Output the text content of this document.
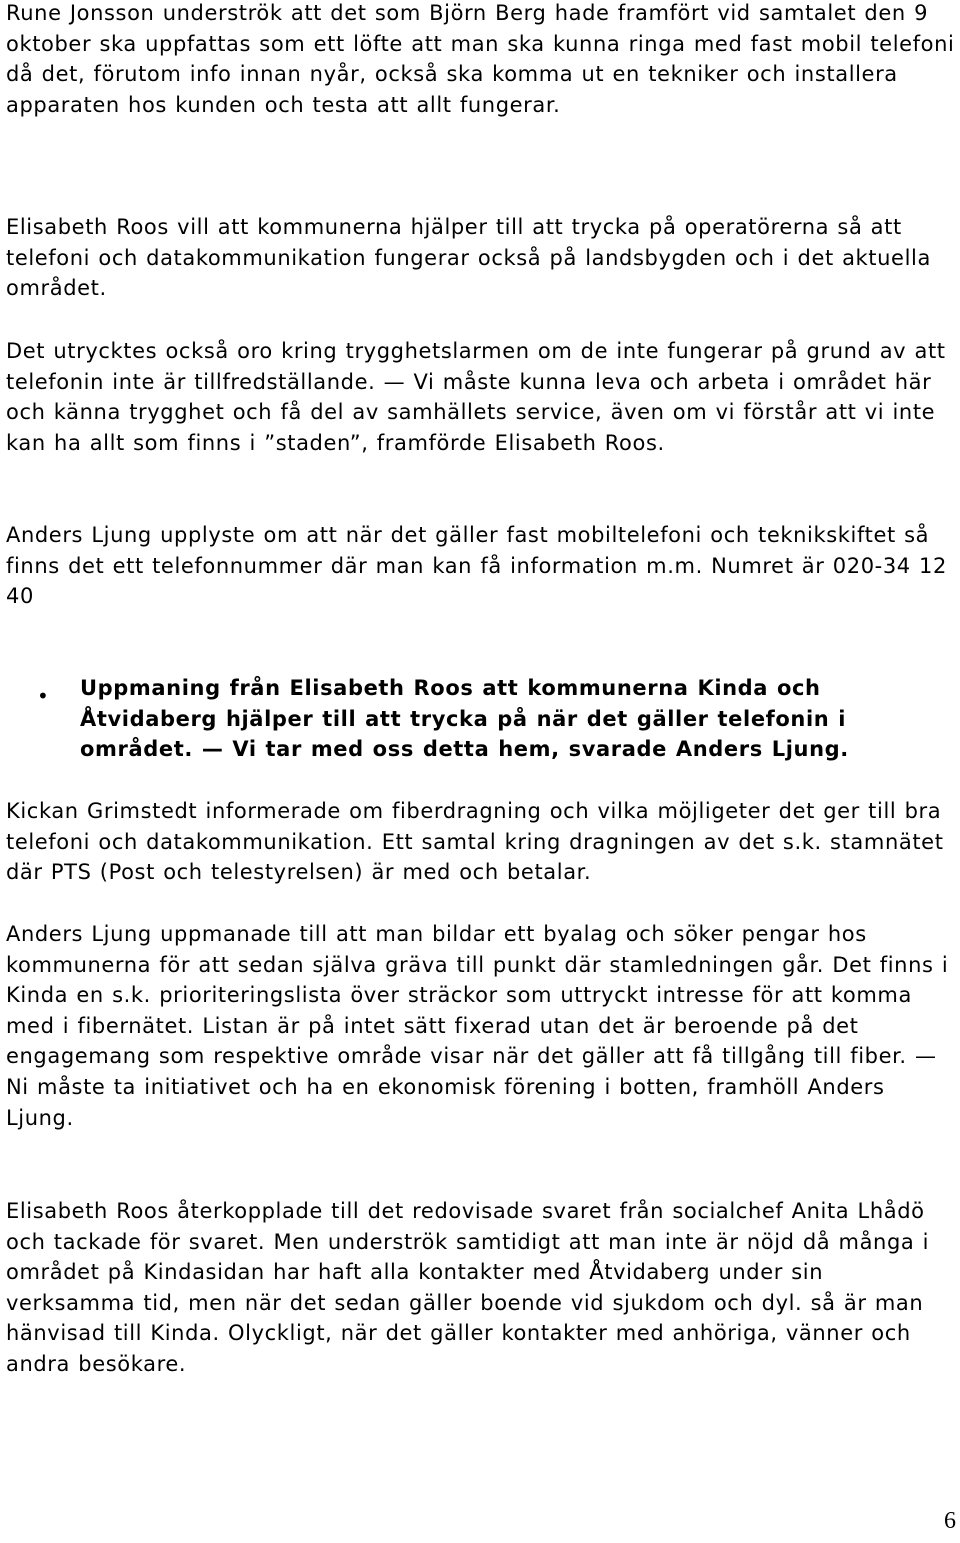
Rune Jonsson underströk att det som Björn Berg hade framfört vid samtalet den 9 oktober ska uppfattas som ett löfte att man ska kunna ringa med fast mobil telefoni då det, förutom info innan nyår, också ska komma ut en tekniker och installera apparaten hos kunden och testa att allt fungerar.

Elisabeth Roos vill att kommunerna hjälper till att trycka på operatörerna så att telefoni och datakommunikation fungerar också på landsbygden och i det aktuella området.

Det utrycktes också oro kring trygghetslarmen om de inte fungerar på grund av att telefonin inte är tillfredställande. — Vi måste kunna leva och arbeta i området här och känna trygghet och få del av samhällets service, även om vi förstår att vi inte kan ha allt som finns i ”staden”, framförde Elisabeth Roos.

Anders Ljung upplyste om att när det gäller fast mobiltelefoni och teknikskiftet så finns det ett telefonnummer där man kan få information m.m. Numret är 020-34 12 40

• Uppmaning från Elisabeth Roos att kommunerna Kinda och Åtvidaberg hjälper till att trycka på när det gäller telefonin i området. — Vi tar med oss detta hem, svarade Anders Ljung.

Kickan Grimstedt informerade om fiberdragning och vilka möjligeter det ger till bra telefoni och datakommunikation. Ett samtal kring dragningen av det s.k. stamnätet där PTS (Post och telestyrelsen) är med och betalar.

Anders Ljung uppmanade till att man bildar ett byalag och söker pengar hos kommunerna för att sedan själva gräva till punkt där stamledningen går. Det finns i Kinda en s.k. prioriteringslista över sträckor som uttryckt intresse för att komma med i fibernätet. Listan är på intet sätt fixerad utan det är beroende på det engagemang som respektive område visar när det gäller att få tillgång till fiber. — Ni måste ta initiativet och ha en ekonomisk förening i botten, framhöll Anders Ljung.

Elisabeth Roos återkopplade till det redovisade svaret från socialchef Anita Lhådö och tackade för svaret. Men underströk samtidigt att man inte är nöjd då många i området på Kindasidan har haft alla kontakter med Åtvidaberg under sin verksamma tid, men när det sedan gäller boende vid sjukdom och dyl. så är man hänvisad till Kinda. Olyckligt, när det gäller kontakter med anhöriga, vänner och andra besökare.

6
